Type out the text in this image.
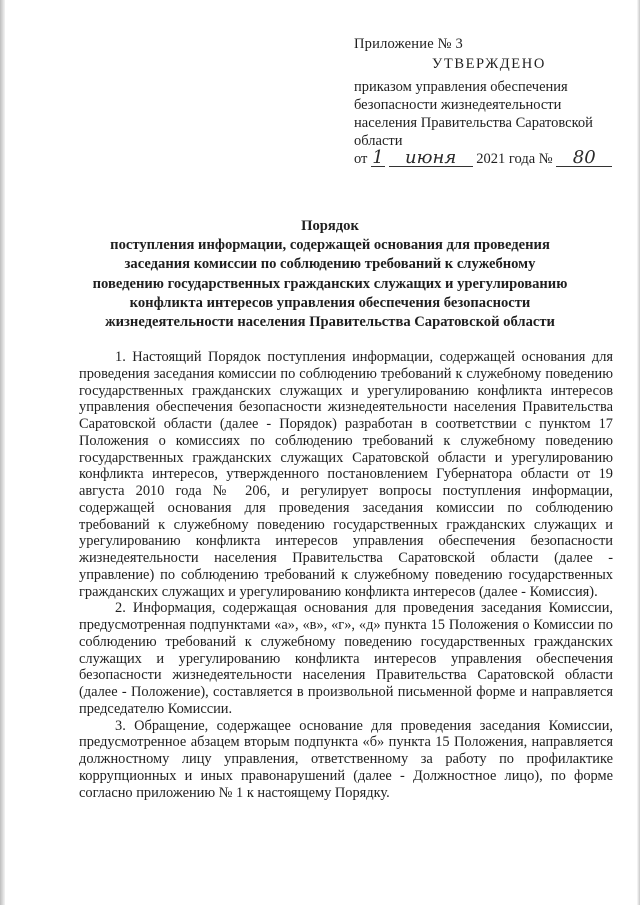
Приложение № 3
УТВЕРЖДЕНО
приказом управления обеспечения безопасности жизнедеятельности населения Правительства Саратовской области
от 1 июня 2021 года № 80
Порядок
поступления информации, содержащей основания для проведения
заседания комиссии по соблюдению требований к служебному
поведению государственных гражданских служащих и урегулированию
конфликта интересов управления обеспечения безопасности
жизнедеятельности населения Правительства Саратовской области

1. Настоящий Порядок поступления информации, содержащей основания для проведения заседания комиссии по соблюдению требований к служебному поведению государственных гражданских служащих и урегулированию конфликта интересов управления обеспечения безопасности жизнедеятельности населения Правительства Саратовской области (далее - Порядок) разработан в соответствии с пунктом 17 Положения о комиссиях по соблюдению требований к служебному поведению государственных гражданских служащих Саратовской области и урегулированию конфликта интересов, утвержденного постановлением Губернатора области от 19 августа 2010 года № 206, и регулирует вопросы поступления информации, содержащей основания для проведения заседания комиссии по соблюдению требований к служебному поведению государственных гражданских служащих и урегулированию конфликта интересов управления обеспечения безопасности жизнедеятельности населения Правительства Саратовской области (далее - управление) по соблюдению требований к служебному поведению государственных гражданских служащих и урегулированию конфликта интересов (далее - Комиссия).

2. Информация, содержащая основания для проведения заседания Комиссии, предусмотренная подпунктами «а», «в», «г», «д» пункта 15 Положения о Комиссии по соблюдению требований к служебному поведению государственных гражданских служащих и урегулированию конфликта интересов управления обеспечения безопасности жизнедеятельности населения Правительства Саратовской области (далее - Положение), составляется в произвольной письменной форме и направляется председателю Комиссии.

3. Обращение, содержащее основание для проведения заседания Комиссии, предусмотренное абзацем вторым подпункта «б» пункта 15 Положения, направляется должностному лицу управления, ответственному за работу по профилактике коррупционных и иных правонарушений (далее - Должностное лицо), по форме согласно приложению № 1 к настоящему Порядку.
